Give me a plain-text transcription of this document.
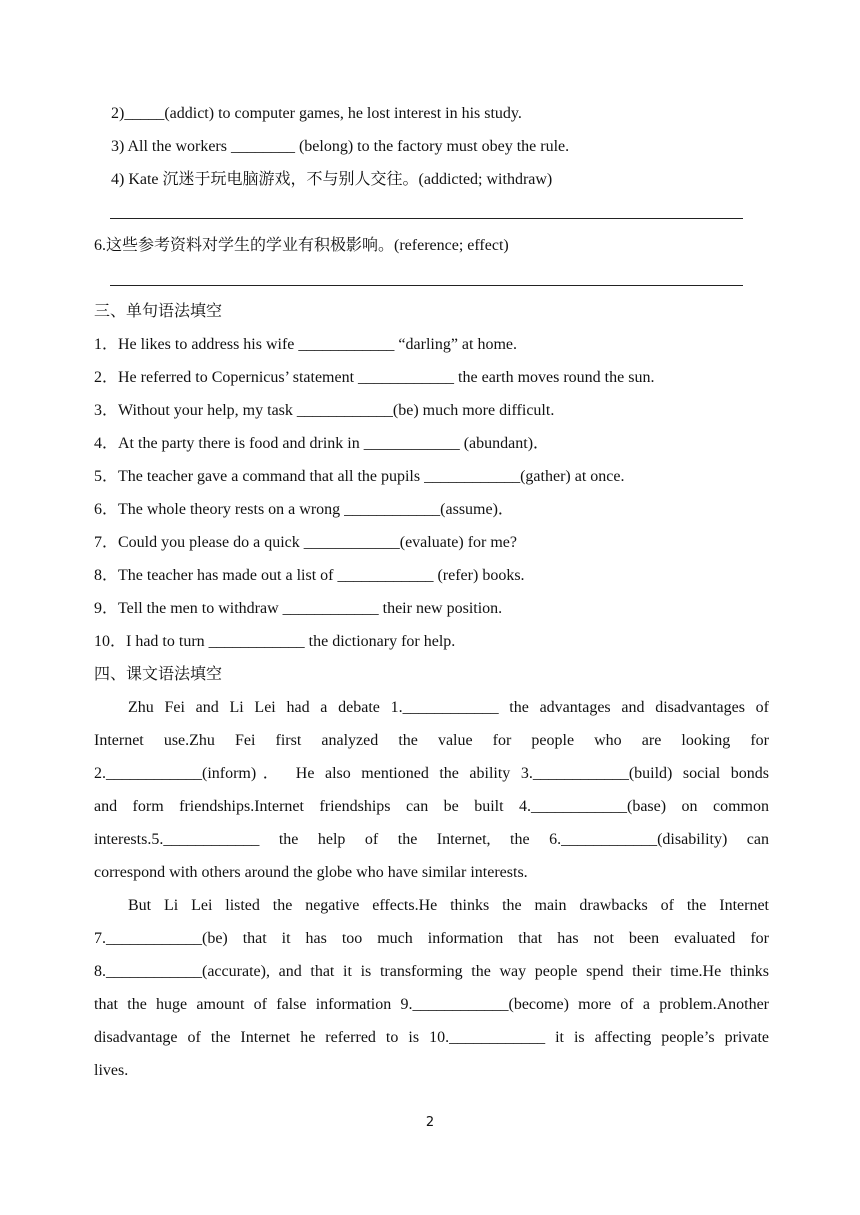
2)_____(addict) to computer games, he lost interest in his study.
3) All the workers ________ (belong) to the factory must obey the rule.
4) Kate 沉迷于玩电脑游戏，不与别人交往。(addicted; withdraw)
6.这些参考资料对学生的学业有积极影响。(reference; effect)
三、单句语法填空
1．He likes to address his wife ____________ “darling” at home.
2．He referred to Copernicus’ statement ____________ the earth moves round the sun.
3．Without your help, my task ____________(be) much more difficult.
4．At the party there is food and drink in ____________ (abundant)．
5．The teacher gave a command that all the pupils ____________(gather) at once.
6．The whole theory rests on a wrong ____________(assume)．
7．Could you please do a quick ____________(evaluate) for me?
8．The teacher has made out a list of ____________ (refer) books.
9．Tell the men to withdraw ____________ their new position.
10．I had to turn ____________ the dictionary for help.
四、课文语法填空
Zhu Fei and Li Lei had a debate 1.____________ the advantages and disadvantages of
Internet use.Zhu Fei first analyzed the value for people who are looking for
2.____________(inform)． He also mentioned the ability 3.____________(build) social bonds
and form friendships.Internet friendships can be built 4.____________(base) on common
interests.5.____________ the help of the Internet, the 6.____________(disability) can
correspond with others around the globe who have similar interests.
But Li Lei listed the negative effects.He thinks the main drawbacks of the Internet
7.____________(be) that it has too much information that has not been evaluated for
8.____________(accurate), and that it is transforming the way people spend their time.He thinks
that the huge amount of false information 9.____________(become) more of a problem.Another
disadvantage of the Internet he referred to is 10.____________ it is affecting people’s private
lives.
2
